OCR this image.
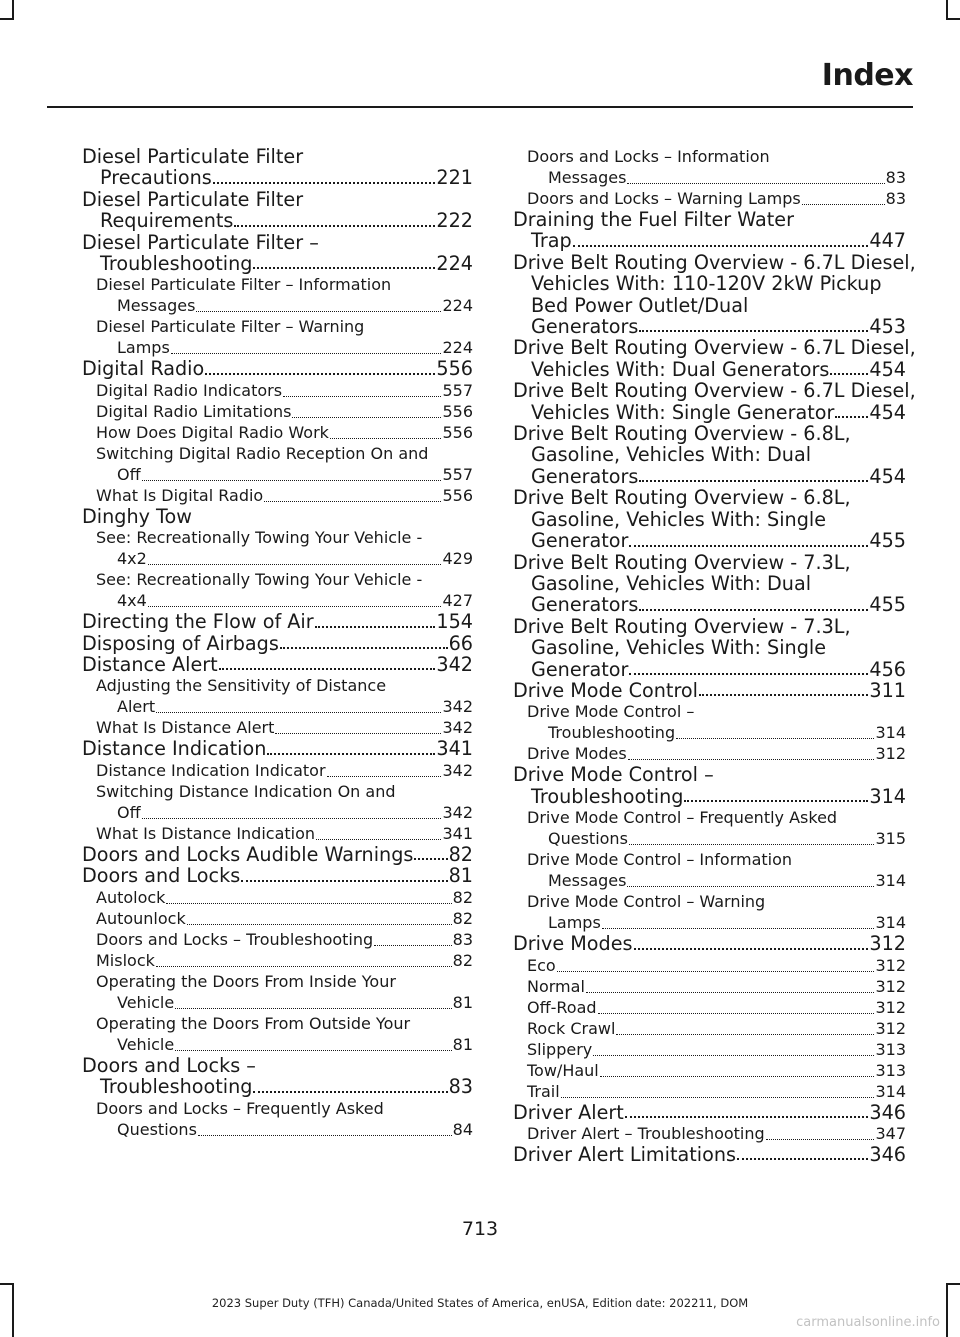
Index
Diesel Particulate Filter
Precautions	221
Diesel Particulate Filter
Requirements	222
Diesel Particulate Filter –
Troubleshooting	224
Diesel Particulate Filter – Information
Messages	224
Diesel Particulate Filter – Warning
Lamps	224
Digital Radio	556
Digital Radio Indicators	557
Digital Radio Limitations	556
How Does Digital Radio Work	556
Switching Digital Radio Reception On and
Off	557
What Is Digital Radio	556
Dinghy Tow
See: Recreationally Towing Your Vehicle -
4x2	429
See: Recreationally Towing Your Vehicle -
4x4	427
Directing the Flow of Air	154
Disposing of Airbags	66
Distance Alert	342
Adjusting the Sensitivity of Distance
Alert	342
What Is Distance Alert	342
Distance Indication	341
Distance Indication Indicator	342
Switching Distance Indication On and
Off	342
What Is Distance Indication	341
Doors and Locks Audible Warnings 82
Doors and Locks	81
Autolock	82
Autounlock	82
Doors and Locks – Troubleshooting	83
Mislock	82
Operating the Doors From Inside Your
Vehicle	81
Operating the Doors From Outside Your
Vehicle	81
Doors and Locks –
Troubleshooting	83
Doors and Locks – Frequently Asked
Questions	84
Doors and Locks – Information
Messages	83
Doors and Locks – Warning Lamps	83
Draining the Fuel Filter Water
Trap	447
Drive Belt Routing Overview - 6.7L Diesel,
Vehicles With: 110-120V 2kW Pickup
Bed Power Outlet/Dual
Generators	453
Drive Belt Routing Overview - 6.7L Diesel,
Vehicles With: Dual Generators 454
Drive Belt Routing Overview - 6.7L Diesel,
Vehicles With: Single Generator 454
Drive Belt Routing Overview - 6.8L,
Gasoline, Vehicles With: Dual
Generators	454
Drive Belt Routing Overview - 6.8L,
Gasoline, Vehicles With: Single
Generator	455
Drive Belt Routing Overview - 7.3L,
Gasoline, Vehicles With: Dual
Generators	455
Drive Belt Routing Overview - 7.3L,
Gasoline, Vehicles With: Single
Generator	456
Drive Mode Control	311
Drive Mode Control –
Troubleshooting	314
Drive Modes	312
Drive Mode Control –
Troubleshooting	314
Drive Mode Control – Frequently Asked
Questions	315
Drive Mode Control – Information
Messages	314
Drive Mode Control – Warning
Lamps	314
Drive Modes	312
Eco	312
Normal	312
Off-Road	312
Rock Crawl	312
Slippery	313
Tow/Haul	313
Trail	314
Driver Alert	346
Driver Alert – Troubleshooting	347
Driver Alert Limitations	346

713

2023 Super Duty (TFH) Canada/United States of America, enUSA, Edition date: 202211, DOM

carmanualsonline.info
